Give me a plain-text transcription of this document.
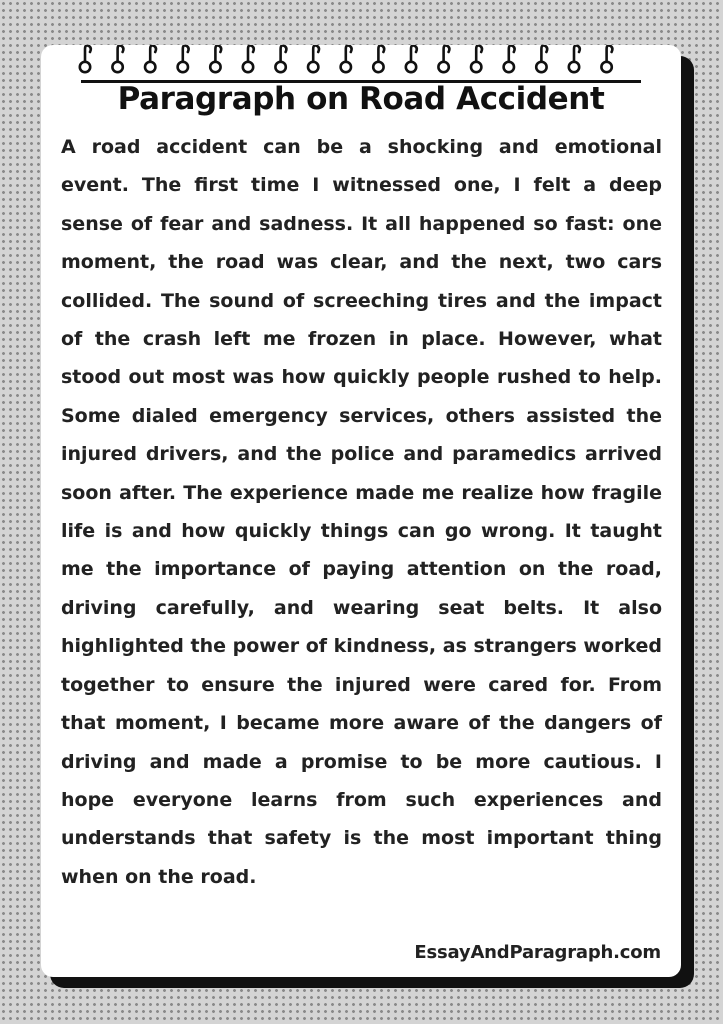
Paragraph on Road Accident

A road accident can be a shocking and emotional event. The first time I witnessed one, I felt a deep sense of fear and sadness. It all happened so fast: one moment, the road was clear, and the next, two cars collided. The sound of screeching tires and the impact of the crash left me frozen in place. However, what stood out most was how quickly people rushed to help. Some dialed emergency services, others assisted the injured drivers, and the police and paramedics arrived soon after. The experience made me realize how fragile life is and how quickly things can go wrong. It taught me the importance of paying attention on the road, driving carefully, and wearing seat belts. It also highlighted the power of kindness, as strangers worked together to ensure the injured were cared for. From that moment, I became more aware of the dangers of driving and made a promise to be more cautious. I hope everyone learns from such experiences and understands that safety is the most important thing when on the road.

EssayAndParagraph.com
